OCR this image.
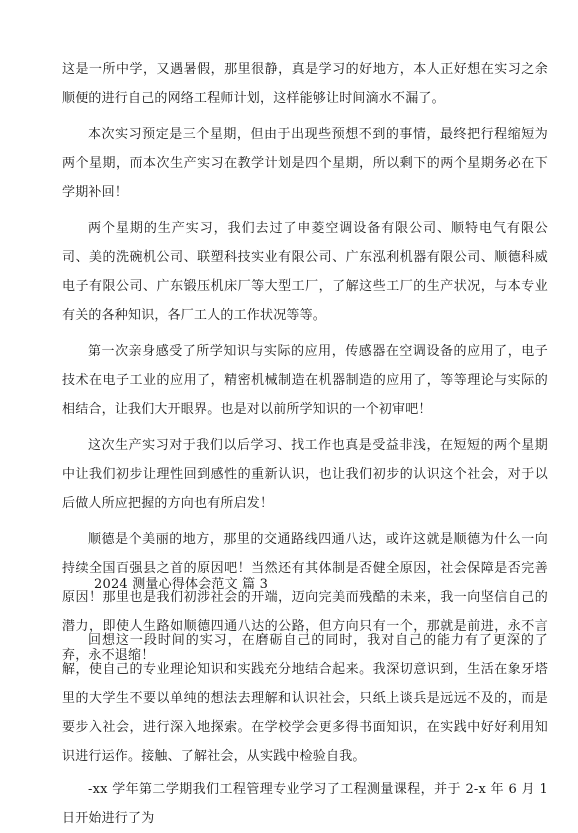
这是一所中学，又遇暑假，那里很静，真是学习的好地方，本人正好想在实习之余顺便的进行自己的网络工程师计划，这样能够让时间滴水不漏了。

本次实习预定是三个星期，但由于出现些预想不到的事情，最终把行程缩短为两个星期，而本次生产实习在教学计划是四个星期，所以剩下的两个星期务必在下学期补回！

两个星期的生产实习，我们去过了申菱空调设备有限公司、顺特电气有限公司、美的洗碗机公司、联塑科技实业有限公司、广东泓利机器有限公司、顺德科威电子有限公司、广东锻压机床厂等大型工厂，了解这些工厂的生产状况，与本专业有关的各种知识，各厂工人的工作状况等等。

第一次亲身感受了所学知识与实际的应用，传感器在空调设备的应用了，电子技术在电子工业的应用了，精密机械制造在机器制造的应用了，等等理论与实际的相结合，让我们大开眼界。也是对以前所学知识的一个初审吧！

这次生产实习对于我们以后学习、找工作也真是受益非浅，在短短的两个星期中让我们初步让理性回到感性的重新认识，也让我们初步的认识这个社会，对于以后做人所应把握的方向也有所启发！

顺德是个美丽的地方，那里的交通路线四通八达，或许这就是顺德为什么一向持续全国百强县之首的原因吧！当然还有其体制是否健全原因，社会保障是否完善原因！那里也是我们初涉社会的开端，迈向完美而残酷的未来，我一向坚信自己的潜力，即使人生路如顺德四通八达的公路，但方向只有一个，那就是前进，永不言弃，永不退缩！

2024 测量心得体会范文 篇 3

回想这一段时间的实习，在磨砺自己的同时，我对自己的能力有了更深的了解，使自己的专业理论知识和实践充分地结合起来。我深切意识到，生活在象牙塔里的大学生不要以单纯的想法去理解和认识社会，只纸上谈兵是远远不及的，而是要步入社会，进行深入地探索。在学校学会更多得书面知识，在实践中好好利用知识进行运作。接触、了解社会，从实践中检验自我。

-xx 学年第二学期我们工程管理专业学习了工程测量课程，并于 2-x 年 6 月 1 日开始进行了为
